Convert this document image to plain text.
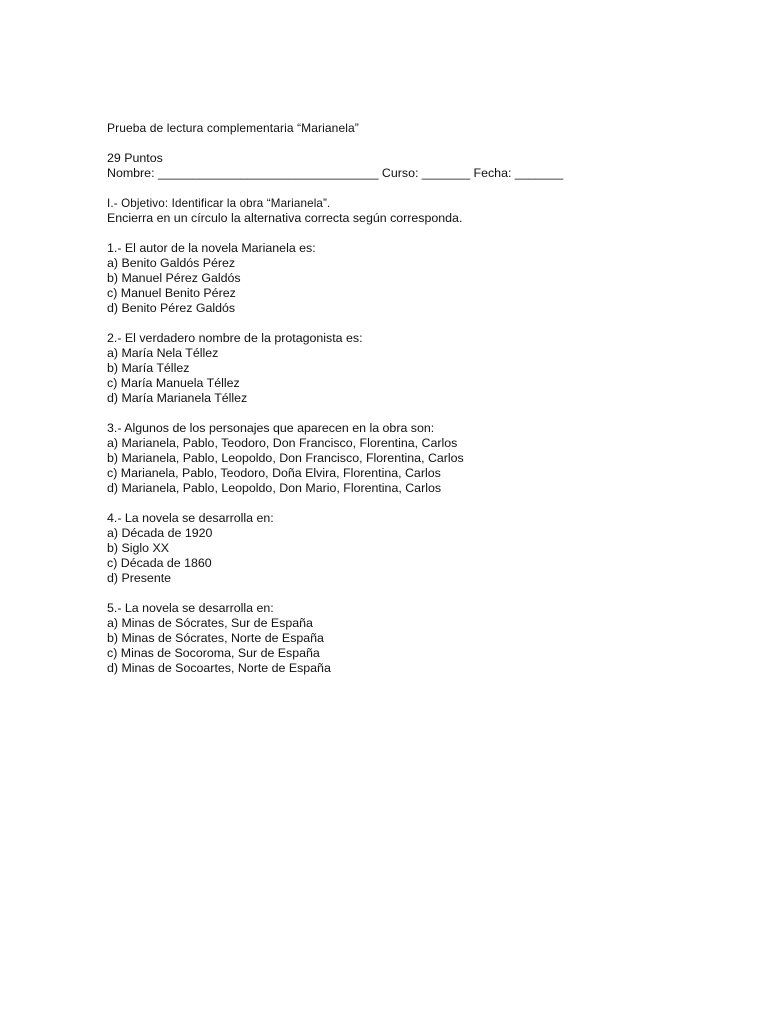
Prueba de lectura complementaria “Marianela”
29 Puntos
Nombre: ________________________________ Curso: _______ Fecha: _______
I.- Objetivo: Identificar la obra “Marianela”.
Encierra en un círculo la alternativa correcta según corresponda.
1.- El autor de la novela Marianela es:
a) Benito Galdós Pérez
b) Manuel Pérez Galdós
c) Manuel Benito Pérez
d) Benito Pérez Galdós
2.- El verdadero nombre de la protagonista es:
a) María Nela Téllez
b) María Téllez
c) María Manuela Téllez
d) María Marianela Téllez
3.- Algunos de los personajes que aparecen en la obra son:
a) Marianela, Pablo, Teodoro, Don Francisco, Florentina, Carlos
b) Marianela, Pablo, Leopoldo, Don Francisco, Florentina, Carlos
c) Marianela, Pablo, Teodoro, Doña Elvira, Florentina, Carlos
d) Marianela, Pablo, Leopoldo, Don Mario, Florentina, Carlos
4.- La novela se desarrolla en:
a) Década de 1920
b) Siglo XX
c) Década de 1860
d) Presente
5.- La novela se desarrolla en:
a) Minas de Sócrates, Sur de España
b) Minas de Sócrates, Norte de España
c) Minas de Socoroma, Sur de España
d) Minas de Socoartes, Norte de España
